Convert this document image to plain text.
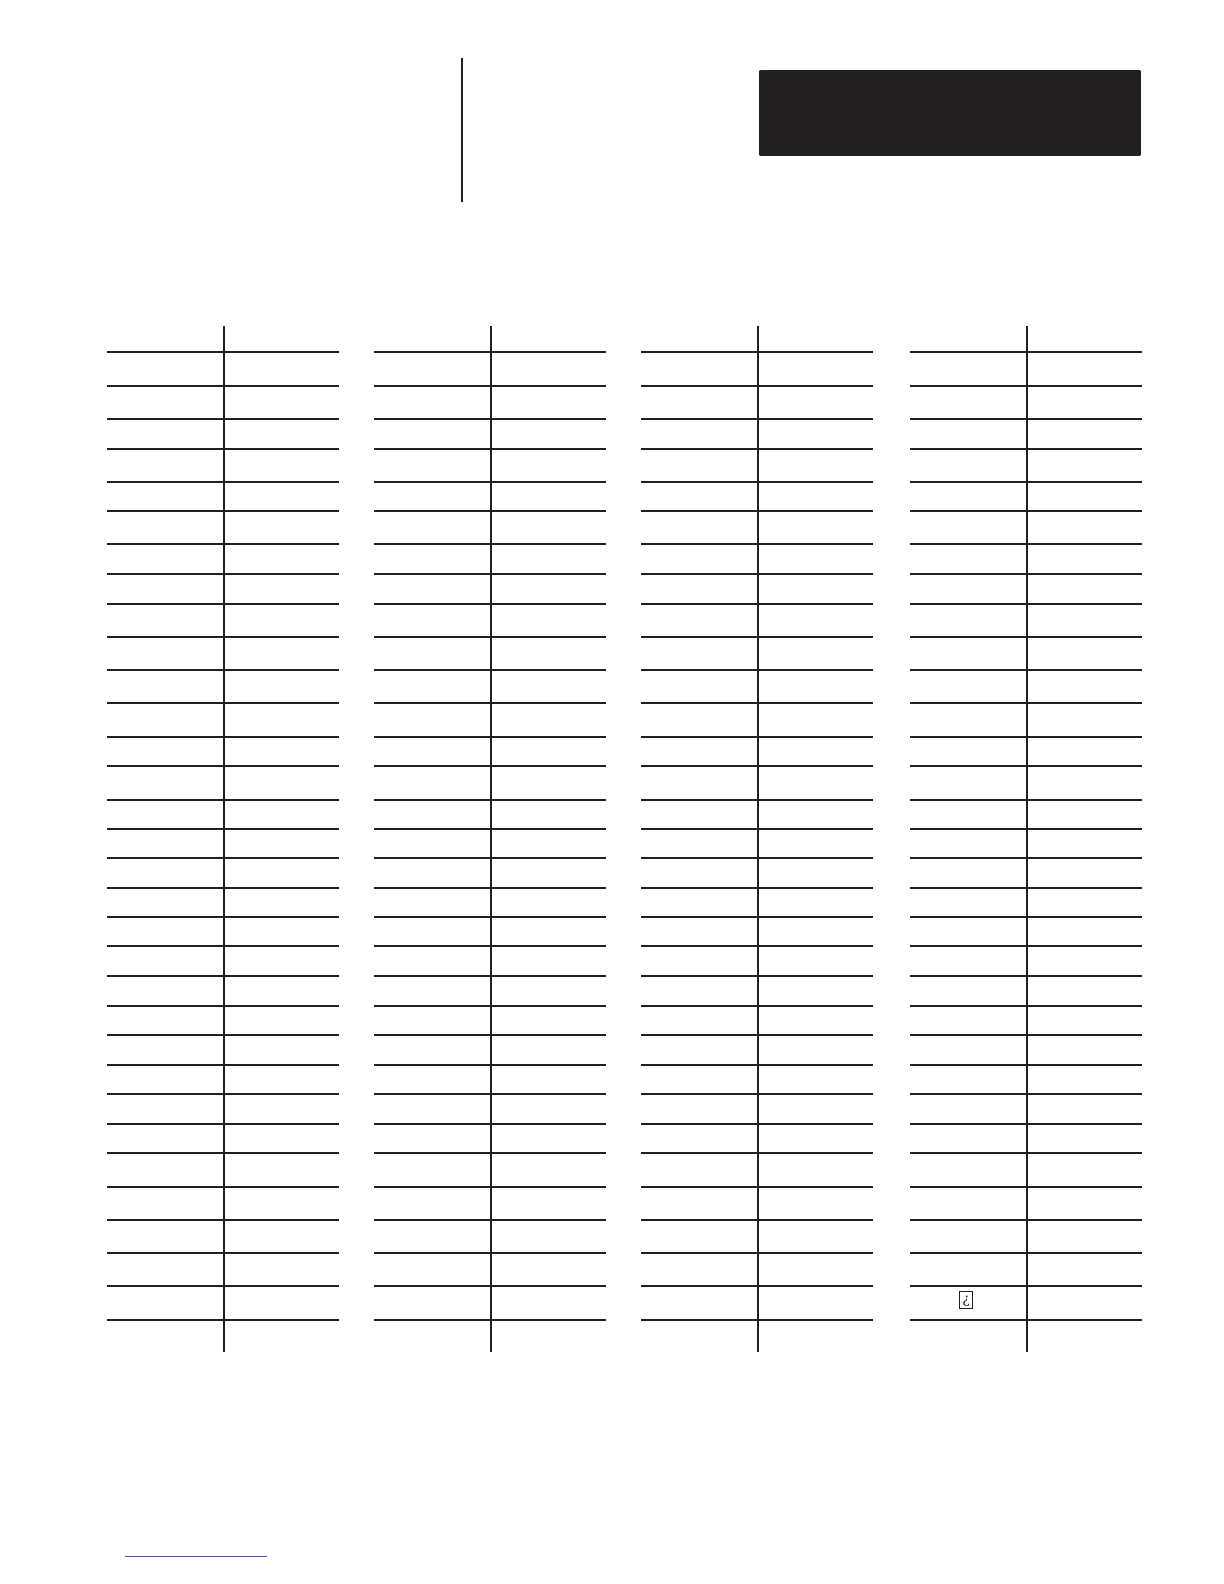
¿
